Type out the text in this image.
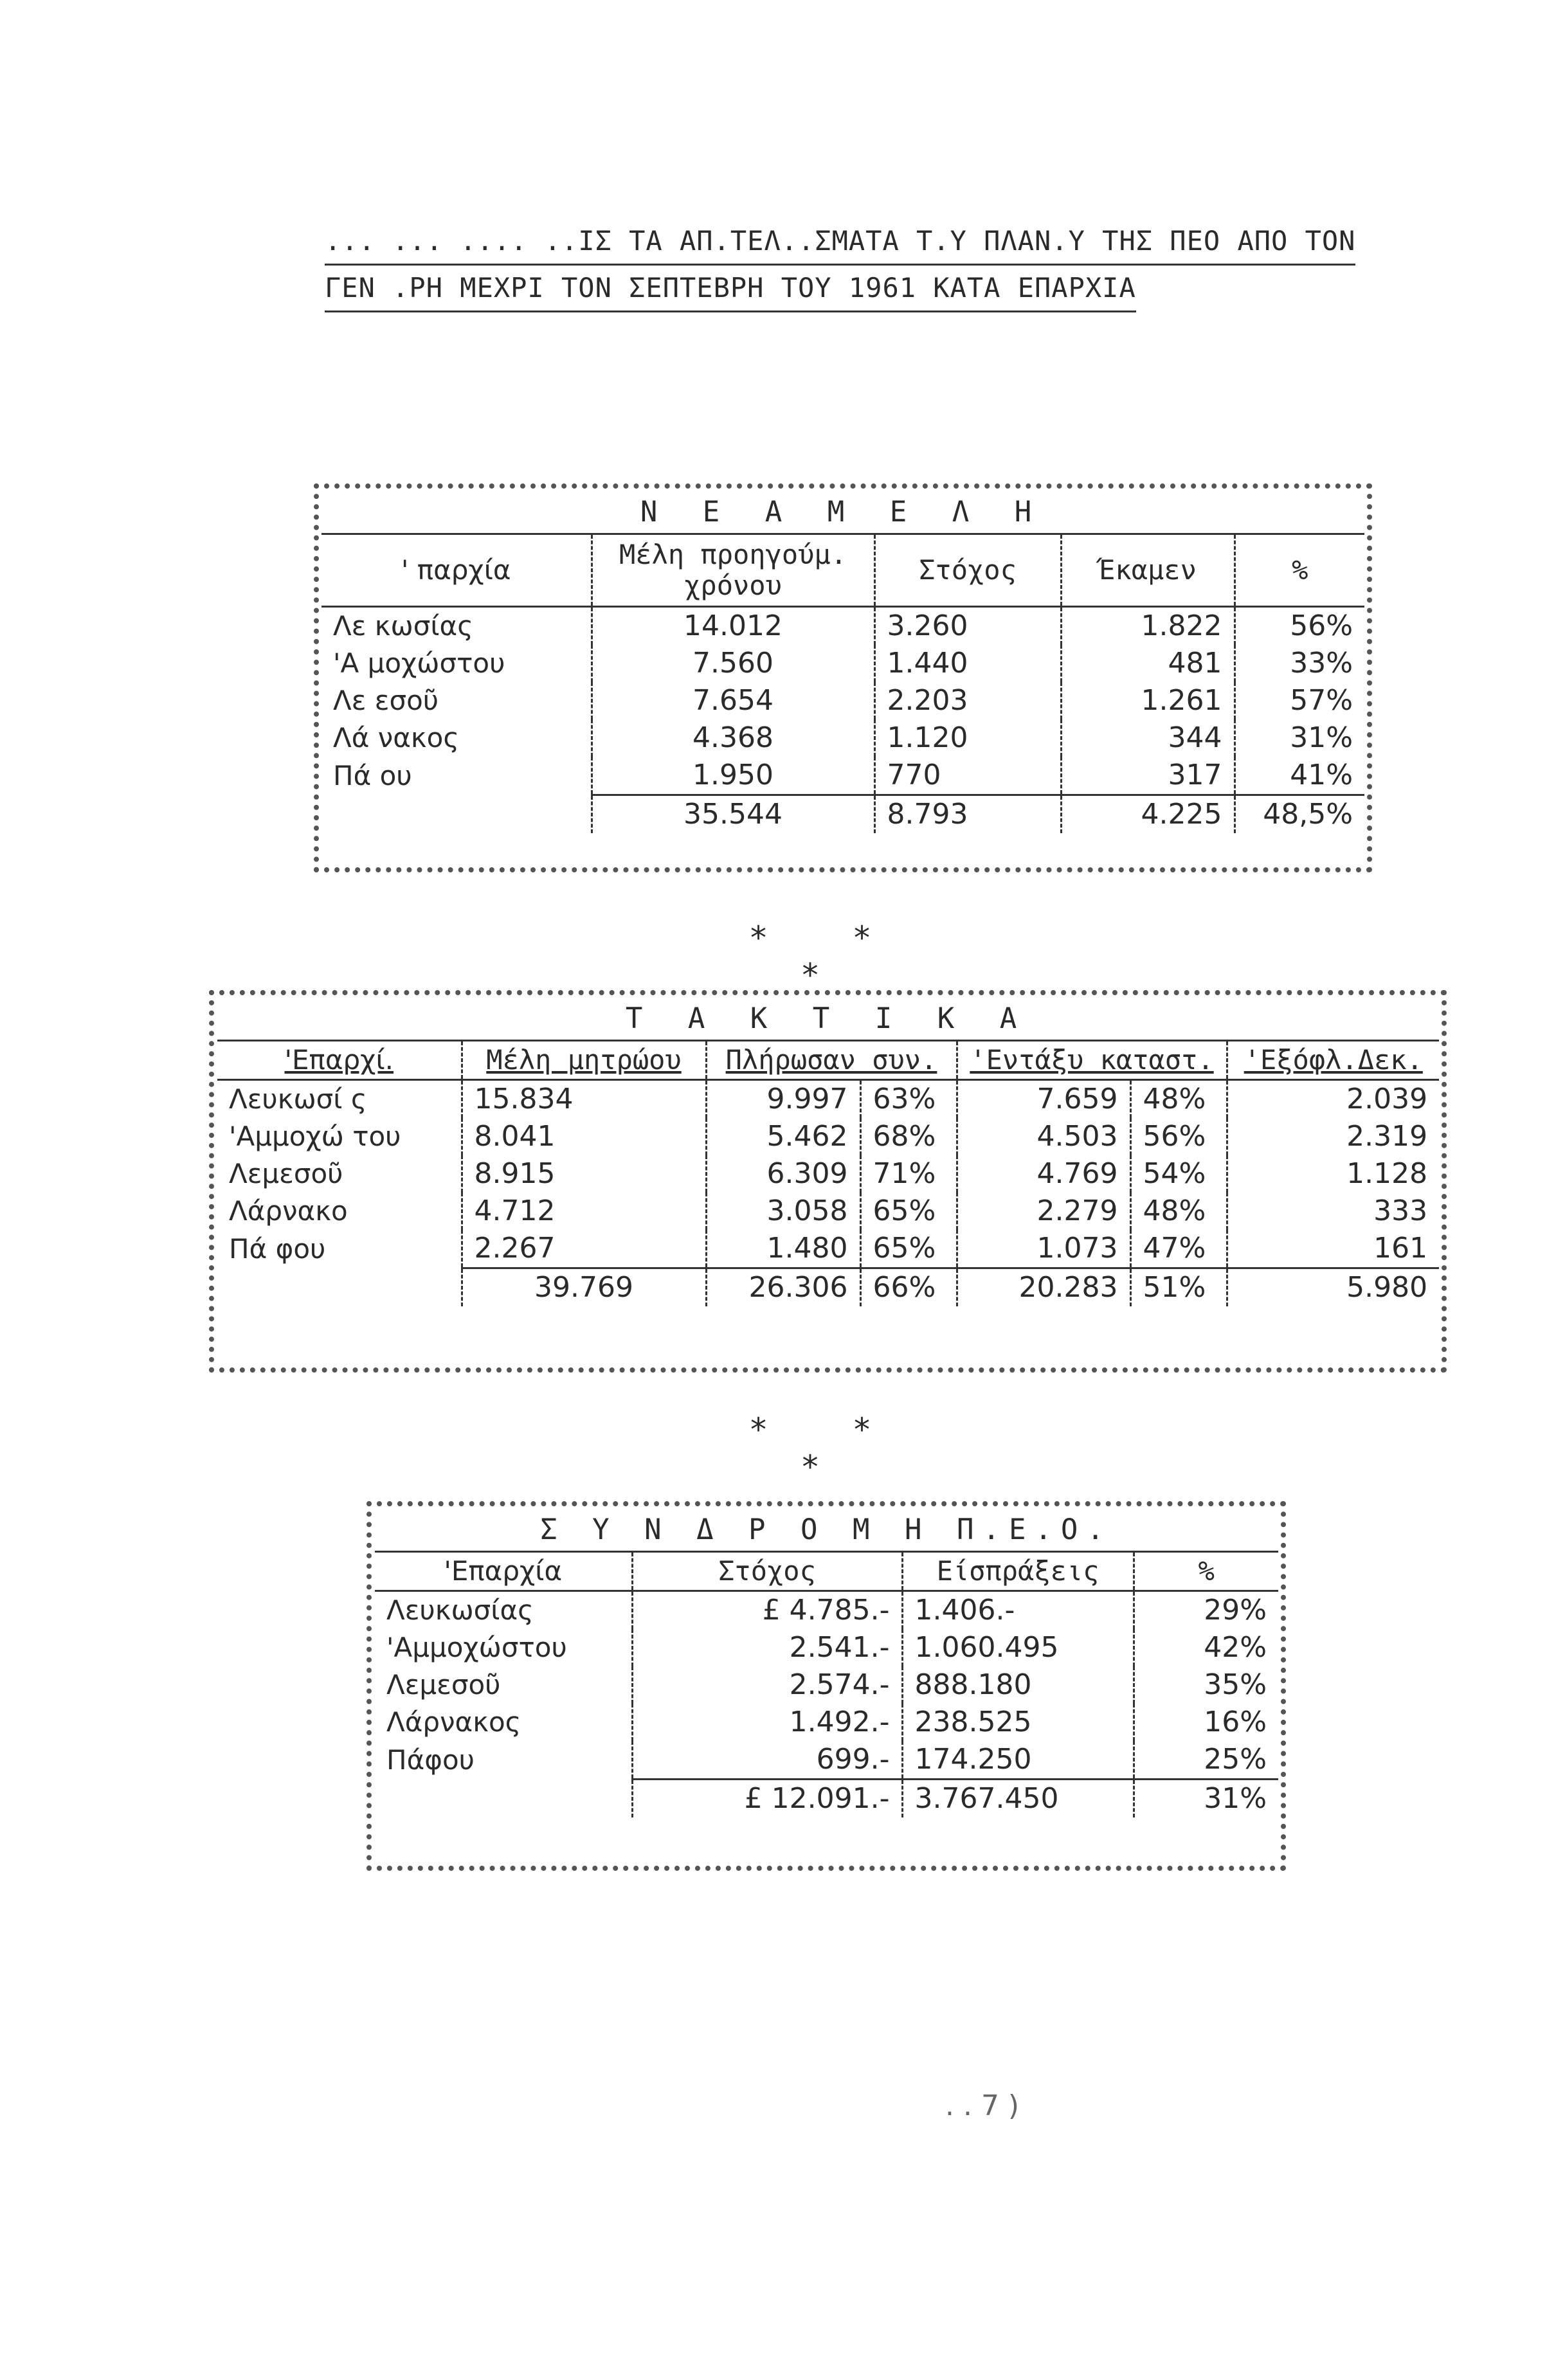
... ... .... ..ΙΣ ΤΑ ΑΠ.ΤΕΛ..ΣΜΑΤΑ Τ.Υ ΠΛΑΝ.Υ ΤΗΣ ΠΕΟ ΑΠΟ ΤΟΝ
ΓΕΝ .ΡΗ ΜΕΧΡΙ ΤΟΝ ΣΕΠΤΕΒΡΗ ΤΟΥ 1961 ΚΑΤΑ ΕΠΑΡΧΙΑ
Ν Ε Α Μ Ε Λ Η				
' παρχία	Μέλη προηγούμ. χρόνου	Στόχος	Έκαμεν	%
Λε κωσίας	14.012	3.260	1.822	56%
'Α μοχώστου	7.560	1.440	481	33%
Λε εσοῦ	7.654	2.203	1.261	57%
Λά νακος	4.368	1.120	344	31%
Πά ου	1.950	770	317	41%
	35.544	8.793	4.225	48,5%
* * *
Τ Α Κ Τ Ι Κ Α						
'Επαρχί.	Μέλη μητρώου	Πλήρωσαν συν.		'Εντάξυ καταστ.		'Εξόφλ.Δεκ.
Λευκωσί ς	15.834	9.997	63%	7.659	48%	2.039
'Αμμοχώ του	8.041	5.462	68%	4.503	56%	2.319
Λεμεσοῦ	8.915	6.309	71%	4.769	54%	1.128
Λάρνακο	4.712	3.058	65%	2.279	48%	333
Πά φου	2.267	1.480	65%	1.073	47%	161
	39.769	26.306	66%	20.283	51%	5.980
* * *
Σ Υ Ν Δ Ρ Ο Μ Η Π.Ε.Ο.			
'Επαρχία	Στόχος	Είσπράξεις	%
Λευκωσίας	£ 4.785.-	1.406.-	29%
'Αμμοχώστου	2.541.-	1.060.495	42%
Λεμεσοῦ	2.574.-	888.180	35%
Λάρνακος	1.492.-	238.525	16%
Πάφου	699.-	174.250	25%
	£ 12.091.-	3.767.450	31%
. . 7 )
